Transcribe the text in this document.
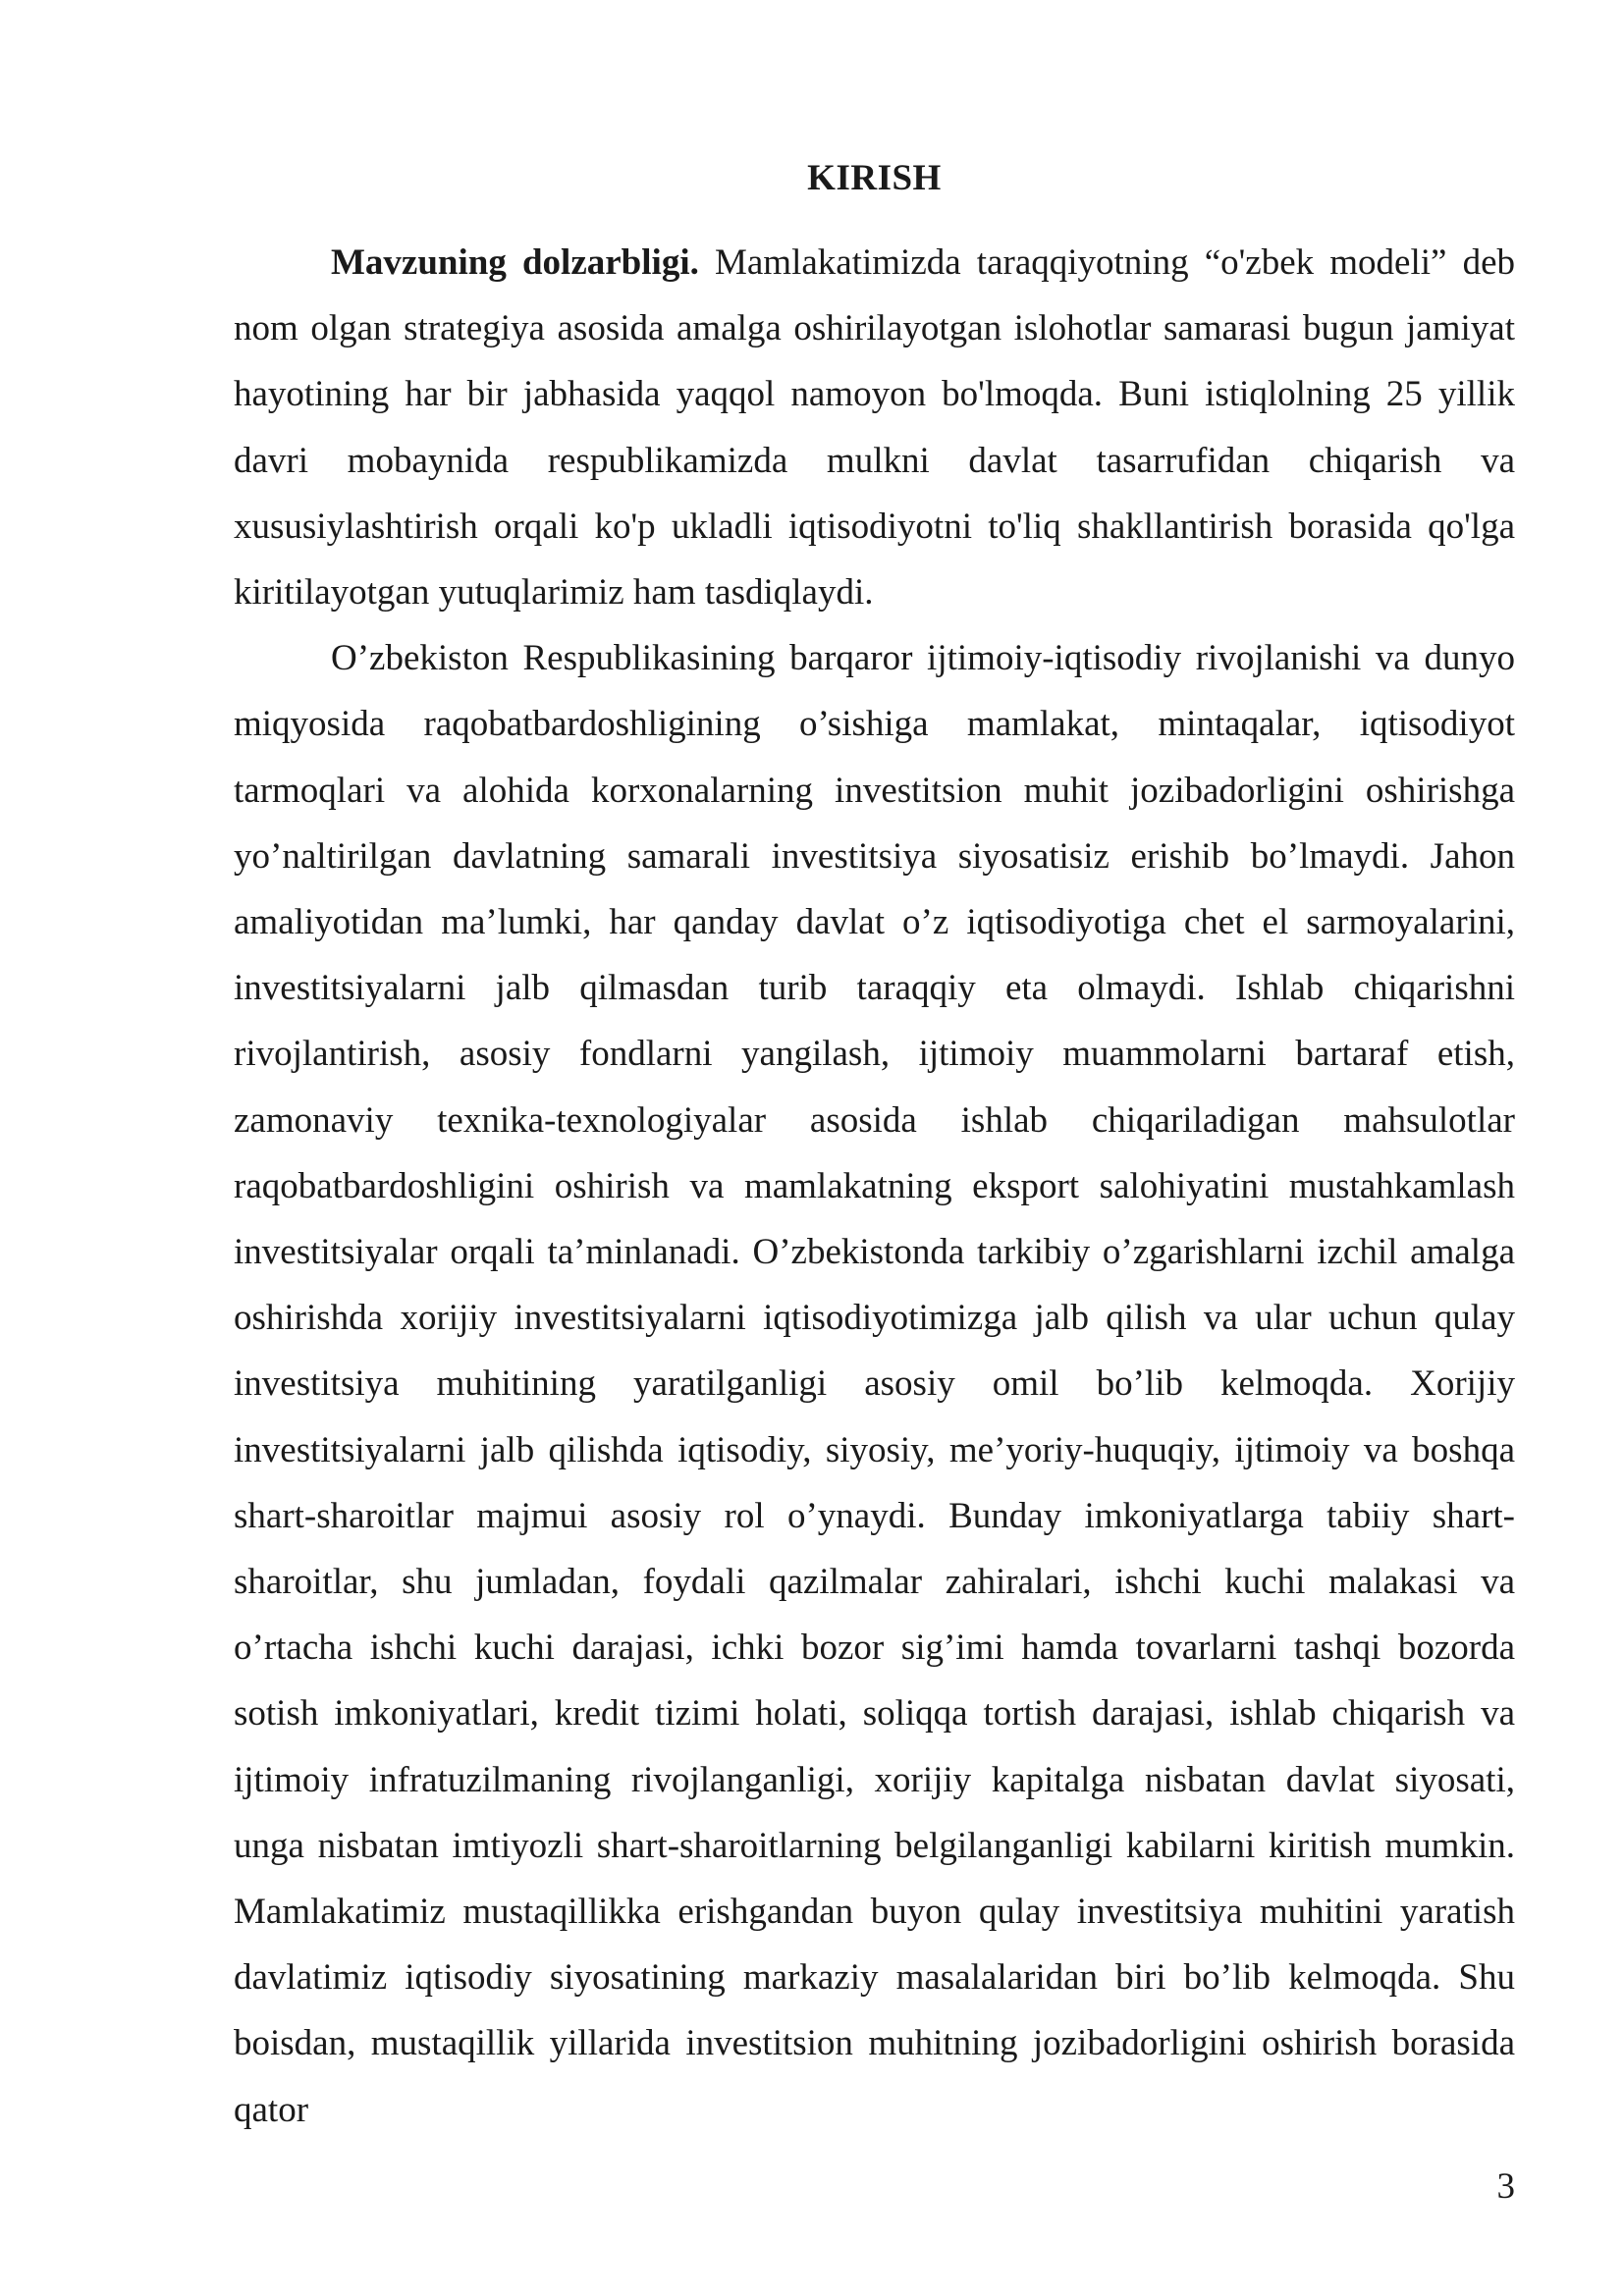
KIRISH

Mavzuning dolzarbligi. Mamlakatimizda taraqqiyotning “o'zbek modeli” deb nom olgan strategiya asosida amalga oshirilayotgan islohotlar samarasi bugun jamiyat hayotining har bir jabhasida yaqqol namoyon bo'lmoqda. Buni istiqlolning 25 yillik davri mobaynida respublikamizda mulkni davlat tasarrufidan chiqarish va xususiylashtirish orqali ko'p ukladli iqtisodiyotni to'liq shakllantirish borasida qo'lga kiritilayotgan yutuqlarimiz ham tasdiqlaydi.

O’zbekiston Respublikasining barqaror ijtimoiy-iqtisodiy rivojlanishi va dunyo miqyosida raqobatbardoshligining o’sishiga mamlakat, mintaqalar, iqtisodiyot tarmoqlari va alohida korxonalarning investitsion muhit jozibadorligini oshirishga yo’naltirilgan davlatning samarali investitsiya siyosatisiz erishib bo’lmaydi. Jahon amaliyotidan ma’lumki, har qanday davlat o’z iqtisodiyotiga chet el sarmoyalarini, investitsiyalarni jalb qilmasdan turib taraqqiy eta olmaydi. Ishlab chiqarishni rivojlantirish, asosiy fondlarni yangilash, ijtimoiy muammolarni bartaraf etish, zamonaviy texnika-texnologiyalar asosida ishlab chiqariladigan mahsulotlar raqobatbardoshligini oshirish va mamlakatning eksport salohiyatini mustahkamlash investitsiyalar orqali ta’minlanadi. O’zbekistonda tarkibiy o’zgarishlarni izchil amalga oshirishda xorijiy investitsiyalarni iqtisodiyotimizga jalb qilish va ular uchun qulay investitsiya muhitining yaratilganligi asosiy omil bo’lib kelmoqda. Xorijiy investitsiyalarni jalb qilishda iqtisodiy, siyosiy, me’yoriy-huquqiy, ijtimoiy va boshqa shart-sharoitlar majmui asosiy rol o’ynaydi. Bunday imkoniyatlarga tabiiy shart-sharoitlar, shu jumladan, foydali qazilmalar zahiralari, ishchi kuchi malakasi va o’rtacha ishchi kuchi darajasi, ichki bozor sig’imi hamda tovarlarni tashqi bozorda sotish imkoniyatlari, kredit tizimi holati, soliqqa tortish darajasi, ishlab chiqarish va ijtimoiy infratuzilmaning rivojlanganligi, xorijiy kapitalga nisbatan davlat siyosati, unga nisbatan imtiyozli shart-sharoitlarning belgilanganligi kabilarni kiritish mumkin. Mamlakatimiz mustaqillikka erishgandan buyon qulay investitsiya muhitini yaratish davlatimiz iqtisodiy siyosatining markaziy masalalaridan biri bo’lib kelmoqda. Shu boisdan, mustaqillik yillarida investitsion muhitning jozibadorligini oshirish borasida qator

3
